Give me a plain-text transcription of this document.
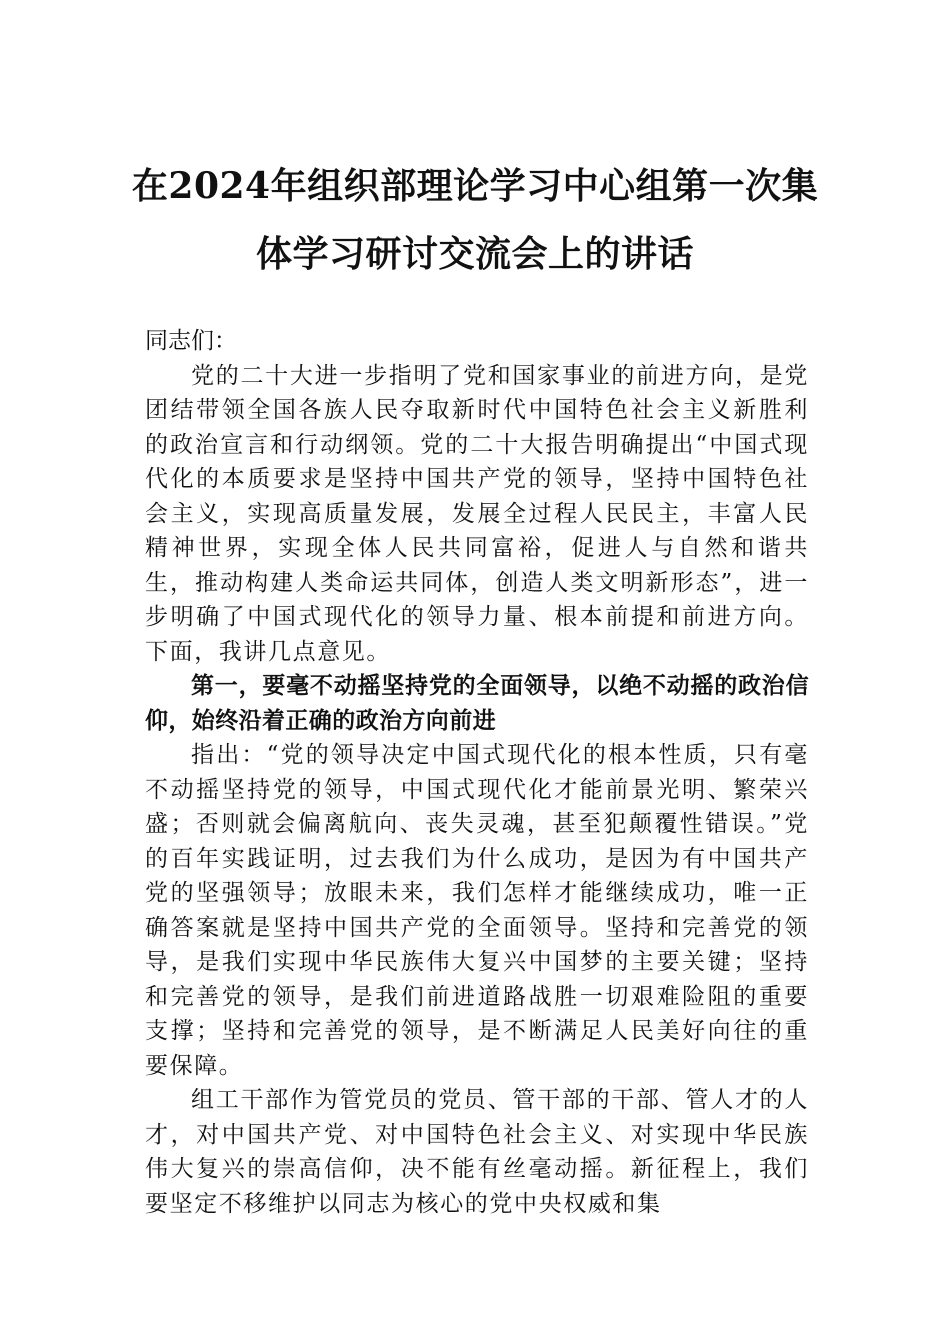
在2024年组织部理论学习中心组第一次集体学习研讨交流会上的讲话

同志们：

党的二十大进一步指明了党和国家事业的前进方向，是党团结带领全国各族人民夺取新时代中国特色社会主义新胜利的政治宣言和行动纲领。党的二十大报告明确提出“中国式现代化的本质要求是坚持中国共产党的领导，坚持中国特色社会主义，实现高质量发展，发展全过程人民民主，丰富人民精神世界，实现全体人民共同富裕，促进人与自然和谐共生，推动构建人类命运共同体，创造人类文明新形态”，进一步明确了中国式现代化的领导力量、根本前提和前进方向。下面，我讲几点意见。

第一，要毫不动摇坚持党的全面领导，以绝不动摇的政治信仰，始终沿着正确的政治方向前进

指出：“党的领导决定中国式现代化的根本性质，只有毫不动摇坚持党的领导，中国式现代化才能前景光明、繁荣兴盛；否则就会偏离航向、丧失灵魂，甚至犯颠覆性错误。”党的百年实践证明，过去我们为什么成功，是因为有中国共产党的坚强领导；放眼未来，我们怎样才能继续成功，唯一正确答案就是坚持中国共产党的全面领导。坚持和完善党的领导，是我们实现中华民族伟大复兴中国梦的主要关键；坚持和完善党的领导，是我们前进道路战胜一切艰难险阻的重要支撑；坚持和完善党的领导，是不断满足人民美好向往的重要保障。

组工干部作为管党员的党员、管干部的干部、管人才的人才，对中国共产党、对中国特色社会主义、对实现中华民族伟大复兴的崇高信仰，决不能有丝毫动摇。新征程上，我们要坚定不移维护以同志为核心的党中央权威和集
